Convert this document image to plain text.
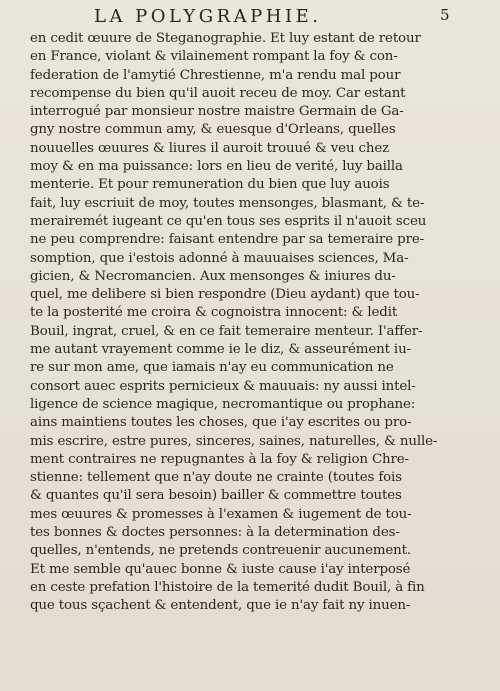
LA POLYGRAPHIE.	5
en cedit œuure de Steganographie. Et luy estant de retour
en France, violant & vilainement rompant la foy & con-
federation de l'amytié Chrestienne, m'a rendu mal pour
recompense du bien qu'il auoit receu de moy. Car estant
interrogué par monsieur nostre maistre Germain de Ga-
gny nostre commun amy, & euesque d'Orleans, quelles
nouuelles œuures & liures il auroit trouué & veu chez
moy & en ma puissance: lors en lieu de verité, luy bailla
menterie. Et pour remuneration du bien que luy auois
fait, luy escriuit de moy, toutes mensonges, blasmant, & te-
merairemét iugeant ce qu'en tous ses esprits il n'auoit sceu
ne peu comprendre: faisant entendre par sa temeraire pre-
somption, que i'estois adonné à mauuaises sciences, Ma-
gicien, & Necromancien. Aux mensonges & iniures du-
quel, me delibere si bien respondre (Dieu aydant) que tou-
te la posterité me croira & cognoistra innocent: & ledit
Bouil, ingrat, cruel, & en ce fait temeraire menteur. I'affer-
me autant vrayement comme ie le diz, & asseurément iu-
re sur mon ame, que iamais n'ay eu communication ne
consort auec esprits pernicieux & mauuais: ny aussi intel-
ligence de science magique, necromantique ou prophane:
ains maintiens toutes les choses, que i'ay escrites ou pro-
mis escrire, estre pures, sinceres, saines, naturelles, & nulle-
ment contraires ne repugnantes à la foy & religion Chre-
stienne: tellement que n'ay doute ne crainte (toutes fois
& quantes qu'il sera besoin) bailler & commettre toutes
mes œuures & promesses à l'examen & iugement de tou-
tes bonnes & doctes personnes: à la determination des-
quelles, n'entends, ne pretends contreuenir aucunement.
Et me semble qu'auec bonne & iuste cause i'ay interposé
en ceste prefation l'histoire de la temerité dudit Bouil, à fin
que tous sçachent & entendent, que ie n'ay fait ny inuen-
